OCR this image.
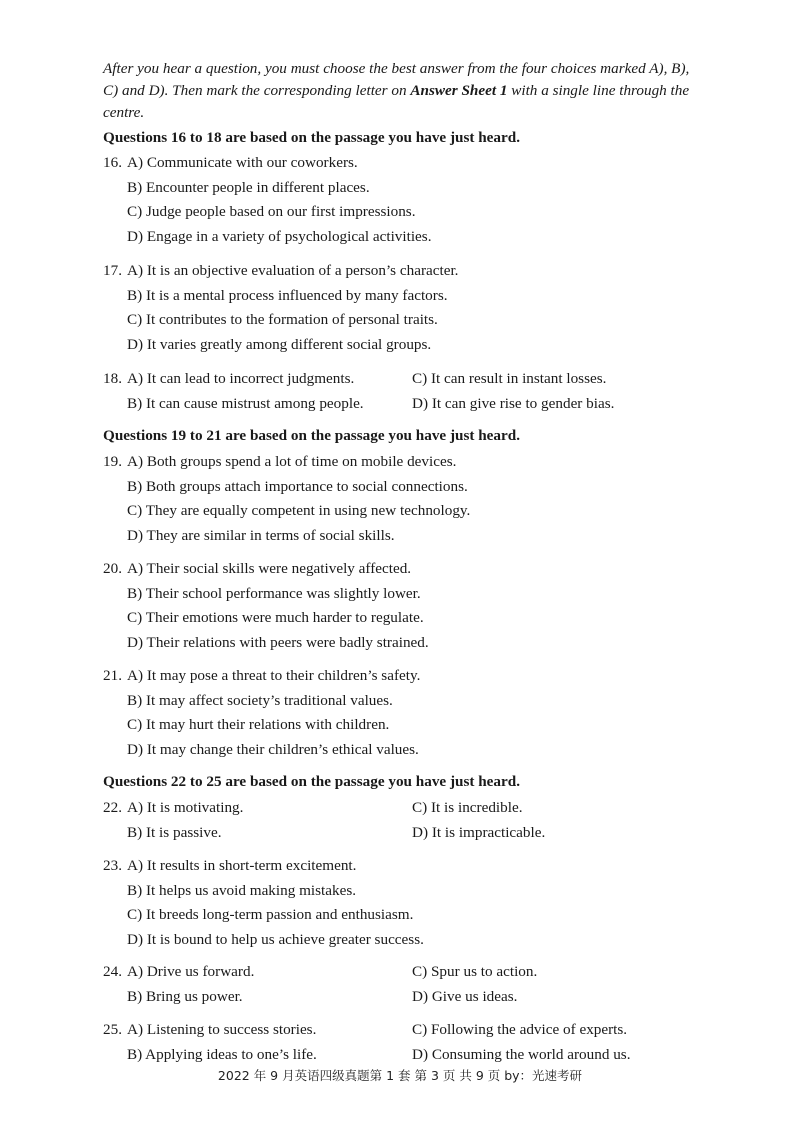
After you hear a question, you must choose the best answer from the four choices marked A), B), C) and D). Then mark the corresponding letter on Answer Sheet 1 with a single line through the centre.
Questions 16 to 18 are based on the passage you have just heard.
16. A) Communicate with our coworkers.
B) Encounter people in different places.
C) Judge people based on our first impressions.
D) Engage in a variety of psychological activities.
17. A) It is an objective evaluation of a person’s character.
B) It is a mental process influenced by many factors.
C) It contributes to the formation of personal traits.
D) It varies greatly among different social groups.
18. A) It can lead to incorrect judgments.	C) It can result in instant losses.
B) It can cause mistrust among people.	D) It can give rise to gender bias.
Questions 19 to 21 are based on the passage you have just heard.
19. A) Both groups spend a lot of time on mobile devices.
B) Both groups attach importance to social connections.
C) They are equally competent in using new technology.
D) They are similar in terms of social skills.
20. A) Their social skills were negatively affected.
B) Their school performance was slightly lower.
C) Their emotions were much harder to regulate.
D) Their relations with peers were badly strained.
21. A) It may pose a threat to their children’s safety.
B) It may affect society’s traditional values.
C) It may hurt their relations with children.
D) It may change their children’s ethical values.
Questions 22 to 25 are based on the passage you have just heard.
22. A) It is motivating.	C) It is incredible.
B) It is passive.	D) It is impracticable.
23. A) It results in short-term excitement.
B) It helps us avoid making mistakes.
C) It breeds long-term passion and enthusiasm.
D) It is bound to help us achieve greater success.
24. A) Drive us forward.	C) Spur us to action.
B) Bring us power.	D) Give us ideas.
25. A) Listening to success stories.	C) Following the advice of experts.
B) Applying ideas to one’s life.	D) Consuming the world around us.
2022 年 9 月英语四级真题第 1 套 第 3 页 共 9 页 by：光速考研
